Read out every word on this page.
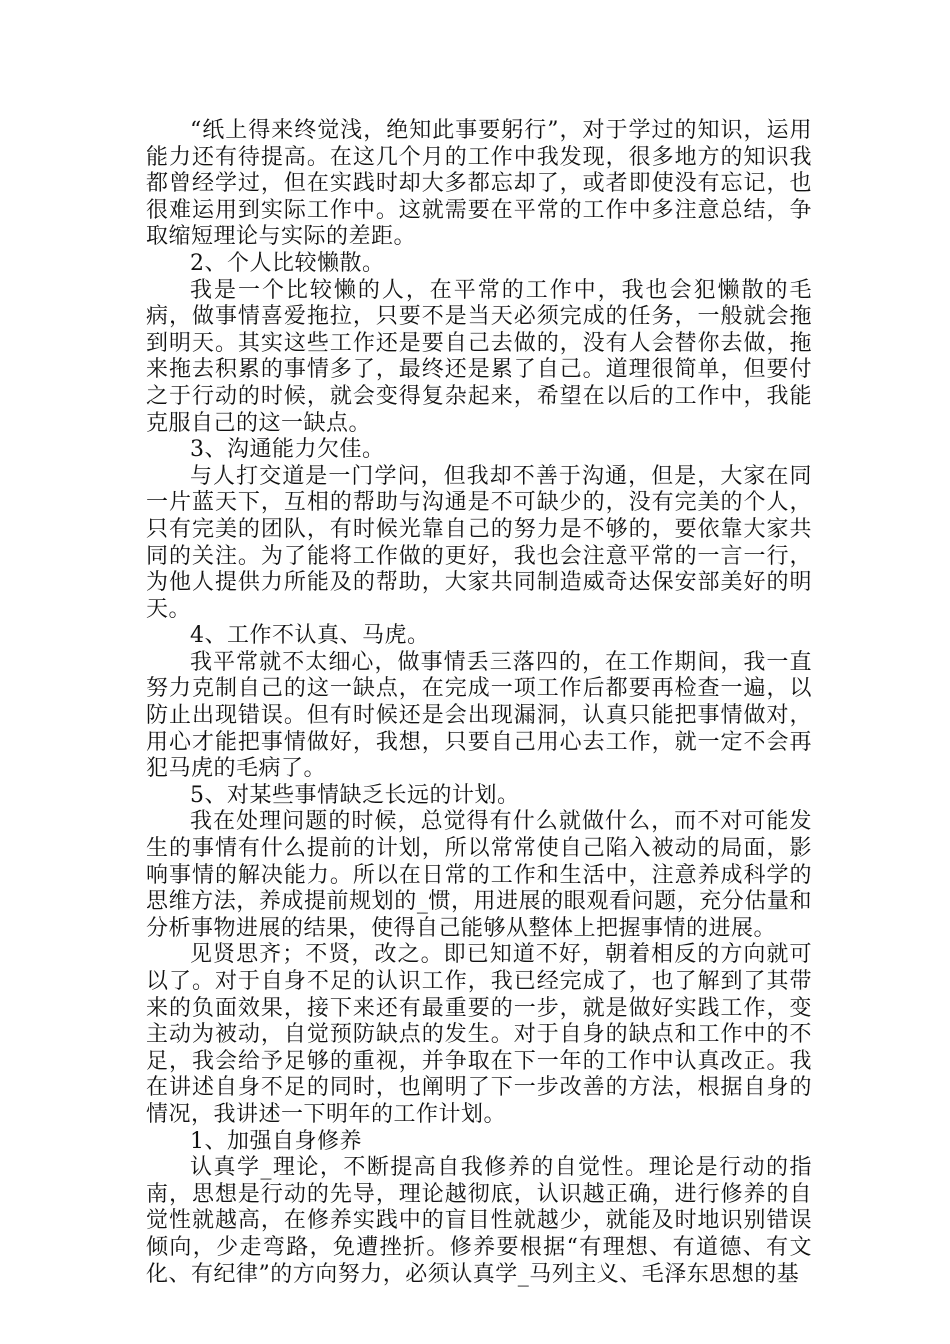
“纸上得来终觉浅，绝知此事要躬行”，对于学过的知识，运用能力还有待提高。在这几个月的工作中我发现，很多地方的知识我都曾经学过，但在实践时却大多都忘却了，或者即使没有忘记，也很难运用到实际工作中。这就需要在平常的工作中多注意总结，争取缩短理论与实际的差距。

2、个人比较懒散。

我是一个比较懒的人，在平常的工作中，我也会犯懒散的毛病，做事情喜爱拖拉，只要不是当天必须完成的任务，一般就会拖到明天。其实这些工作还是要自己去做的，没有人会替你去做，拖来拖去积累的事情多了，最终还是累了自己。道理很简单，但要付之于行动的时候，就会变得复杂起来，希望在以后的工作中，我能克服自己的这一缺点。

3、沟通能力欠佳。

与人打交道是一门学问，但我却不善于沟通，但是，大家在同一片蓝天下，互相的帮助与沟通是不可缺少的，没有完美的个人，只有完美的团队，有时候光靠自己的努力是不够的，要依靠大家共同的关注。为了能将工作做的更好，我也会注意平常的一言一行，为他人提供力所能及的帮助，大家共同制造威奇达保安部美好的明天。

4、工作不认真、马虎。

我平常就不太细心，做事情丢三落四的，在工作期间，我一直努力克制自己的这一缺点，在完成一项工作后都要再检查一遍，以防止出现错误。但有时候还是会出现漏洞，认真只能把事情做对，用心才能把事情做好，我想，只要自己用心去工作，就一定不会再犯马虎的毛病了。

5、对某些事情缺乏长远的计划。

我在处理问题的时候，总觉得有什么就做什么，而不对可能发生的事情有什么提前的计划，所以常常使自己陷入被动的局面，影响事情的解决能力。所以在日常的工作和生活中，注意养成科学的思维方法，养成提前规划的_惯，用进展的眼观看问题，充分估量和分析事物进展的结果，使得自己能够从整体上把握事情的进展。

见贤思齐；不贤，改之。即已知道不好，朝着相反的方向就可以了。对于自身不足的认识工作，我已经完成了，也了解到了其带来的负面效果，接下来还有最重要的一步，就是做好实践工作，变主动为被动，自觉预防缺点的发生。对于自身的缺点和工作中的不足，我会给予足够的重视，并争取在下一年的工作中认真改正。我在讲述自身不足的同时，也阐明了下一步改善的方法，根据自身的情况，我讲述一下明年的工作计划。

1、加强自身修养

认真学_理论，不断提高自我修养的自觉性。理论是行动的指南，思想是行动的先导，理论越彻底，认识越正确，进行修养的自觉性就越高，在修养实践中的盲目性就越少，就能及时地识别错误倾向，少走弯路，免遭挫折。修养要根据“有理想、有道德、有文化、有纪律”的方向努力，必须认真学_马列主义、毛泽东思想的基
